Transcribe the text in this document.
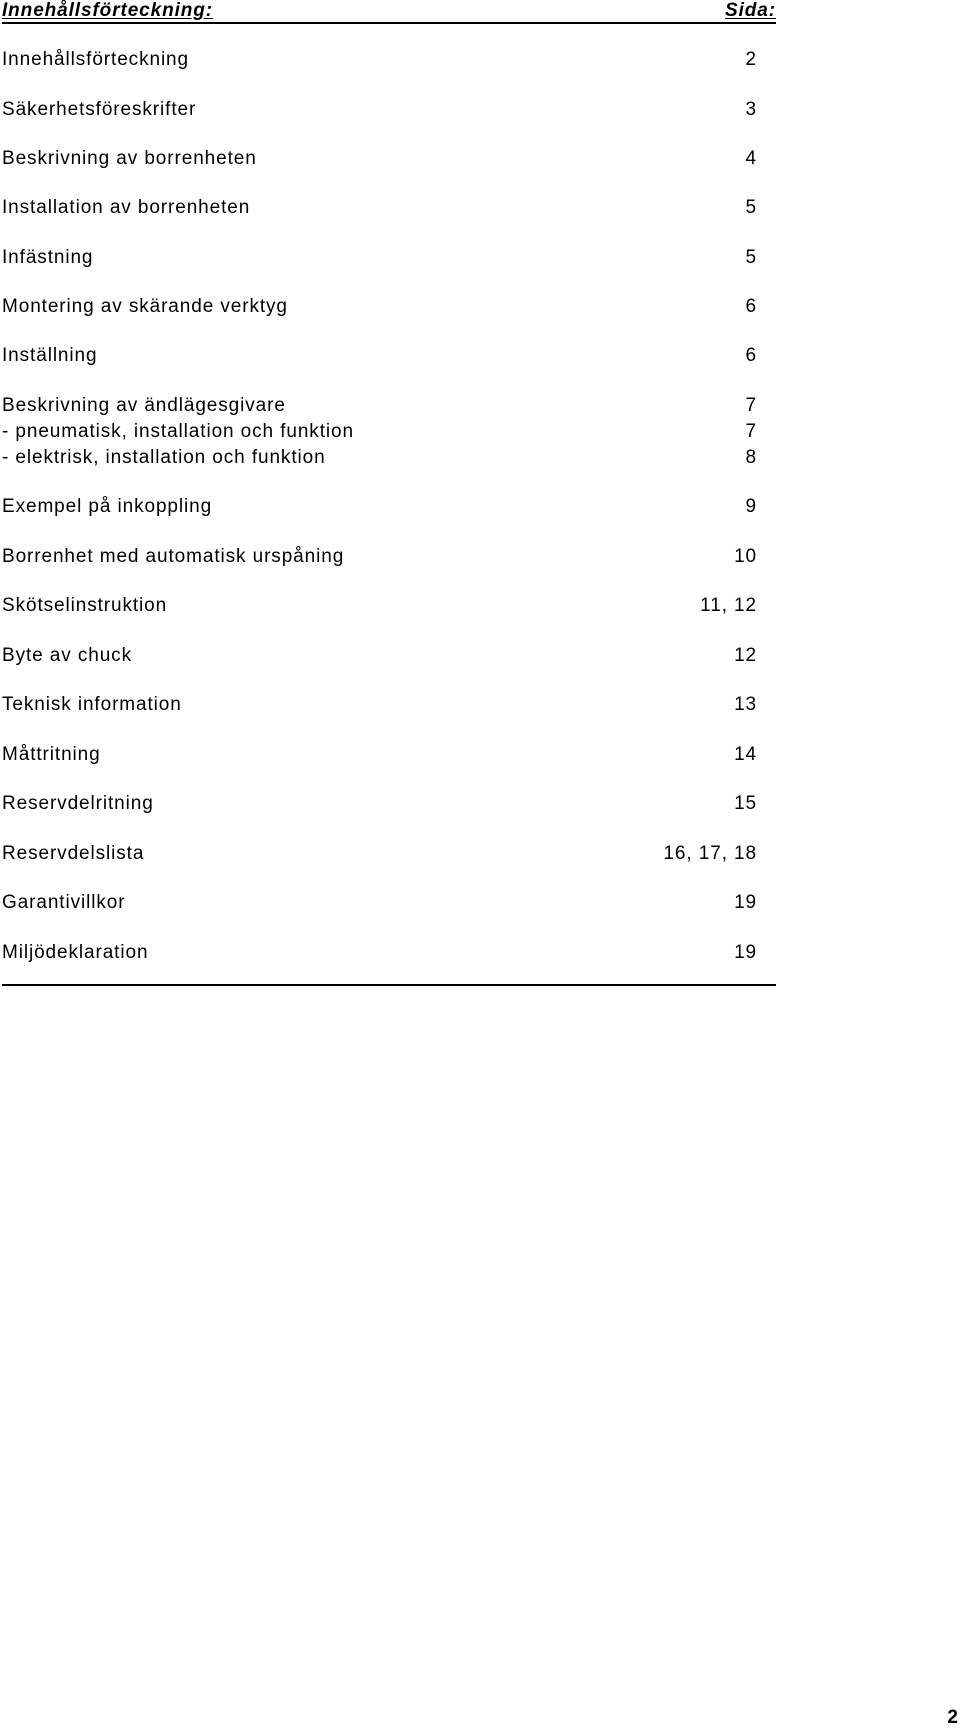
Innehållsförteckning:	Sida:
Innehållsförteckning	2
Säkerhetsföreskrifter	3
Beskrivning av borrenheten	4
Installation av borrenheten	5
Infästning	5
Montering av skärande verktyg	6
Inställning	6
Beskrivning av ändlägesgivare	7
- pneumatisk, installation och funktion	7
- elektrisk, installation och funktion	8
Exempel på inkoppling	9
Borrenhet med automatisk urspåning	10
Skötselinstruktion	11, 12
Byte av chuck	12
Teknisk information	13
Måttritning	14
Reservdelritning	15
Reservdelslista	16, 17, 18
Garantivillkor	19
Miljödeklaration	19
2
